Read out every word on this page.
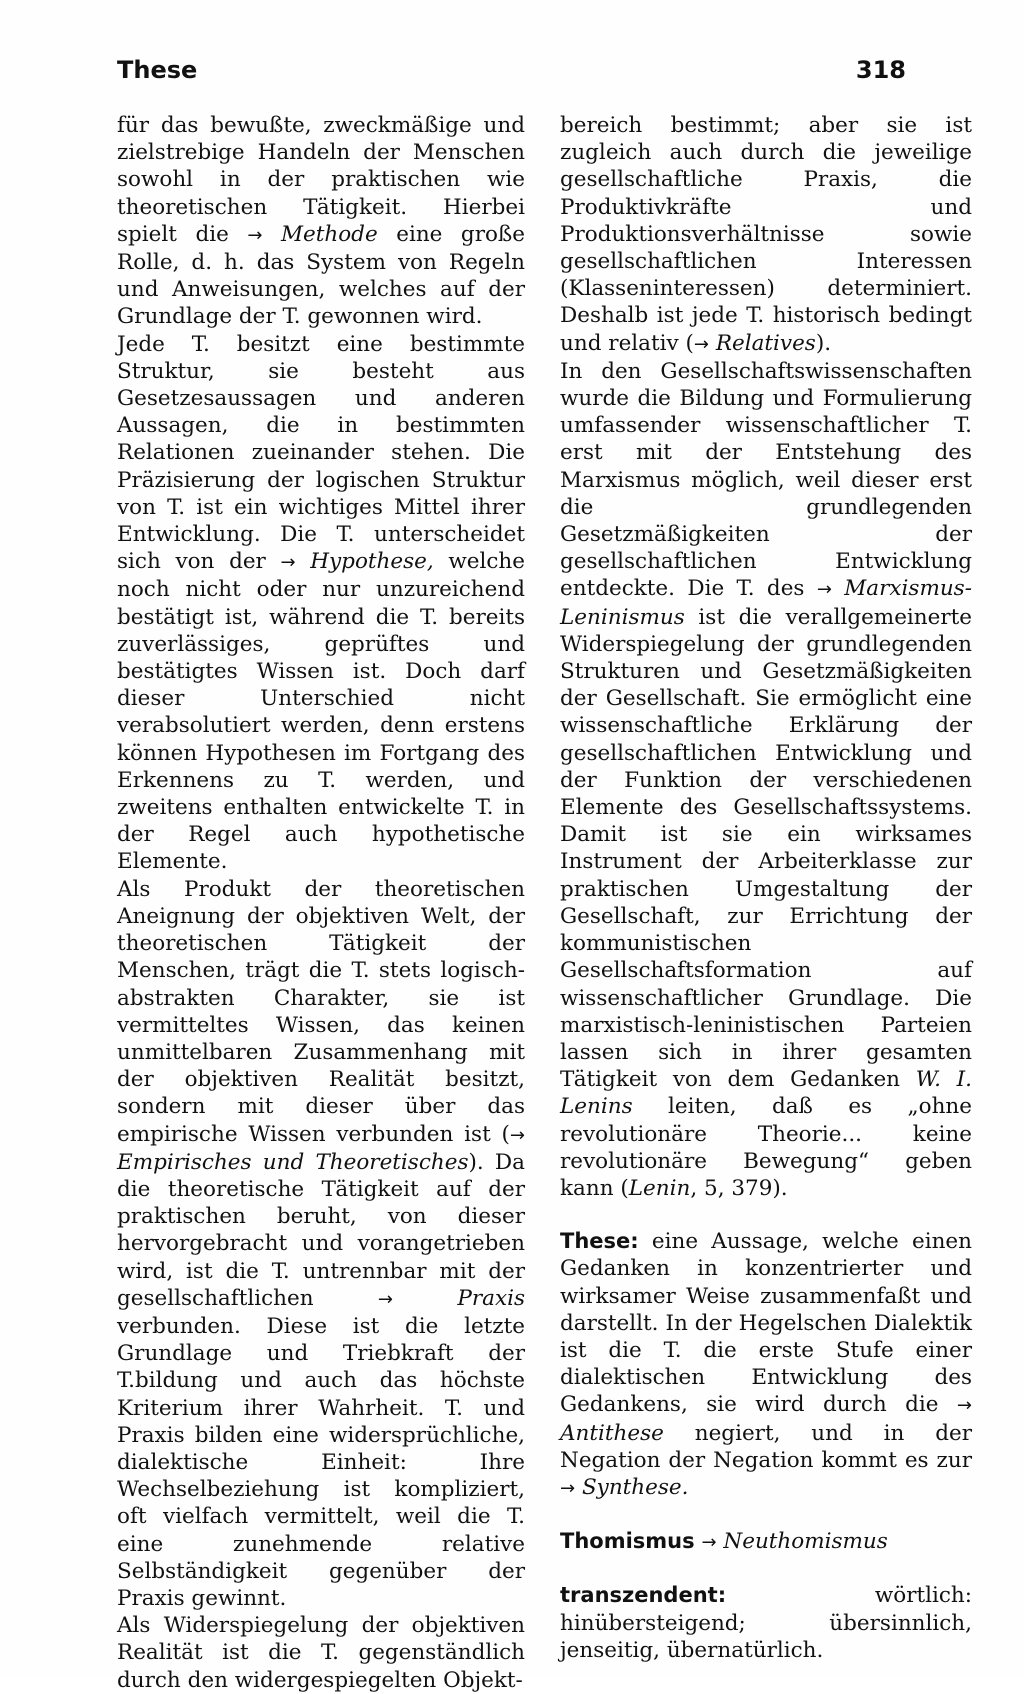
These	318

für das bewußte, zweckmäßige und zielstrebige Handeln der Menschen sowohl in der praktischen wie theoretischen Tätigkeit. Hierbei spielt die → Methode eine große Rolle, d. h. das System von Regeln und Anweisungen, welches auf der Grundlage der T. gewonnen wird.

Jede T. besitzt eine bestimmte Struktur, sie besteht aus Gesetzesaussagen und anderen Aussagen, die in bestimmten Relationen zueinander stehen. Die Präzisierung der logischen Struktur von T. ist ein wichtiges Mittel ihrer Entwicklung. Die T. unterscheidet sich von der → Hypothese, welche noch nicht oder nur unzureichend bestätigt ist, während die T. bereits zuverlässiges, geprüftes und bestätigtes Wissen ist. Doch darf dieser Unterschied nicht verabsolutiert werden, denn erstens können Hypothesen im Fortgang des Erkennens zu T. werden, und zweitens enthalten entwickelte T. in der Regel auch hypothetische Elemente.

Als Produkt der theoretischen Aneignung der objektiven Welt, der theoretischen Tätigkeit der Menschen, trägt die T. stets logisch-abstrakten Charakter, sie ist vermitteltes Wissen, das keinen unmittelbaren Zusammenhang mit der objektiven Realität besitzt, sondern mit dieser über das empirische Wissen verbunden ist (→ Empirisches und Theoretisches). Da die theoretische Tätigkeit auf der praktischen beruht, von dieser hervorgebracht und vorangetrieben wird, ist die T. untrennbar mit der gesellschaftlichen	→	Praxis verbunden. Diese ist die letzte Grundlage und Triebkraft der T.bildung und auch das höchste Kriterium ihrer Wahrheit. T. und Praxis bilden eine widersprüchliche, dialektische Einheit: Ihre Wechselbeziehung ist kompliziert, oft vielfach vermittelt, weil die T. eine zunehmende relative Selbständigkeit gegenüber der Praxis gewinnt.

Als Widerspiegelung der objektiven Realität ist die T. gegenständlich durch den widergespiegelten Objekt-

bereich bestimmt; aber sie ist zugleich auch durch die jeweilige gesellschaftliche Praxis, die Produktivkräfte und Produktionsverhältnisse sowie gesellschaftlichen Interessen (Klasseninteressen) determiniert. Deshalb ist jede T. historisch bedingt und relativ (→ Relatives).

In den Gesellschaftswissenschaften wurde die Bildung und Formulierung umfassender wissenschaftlicher T. erst mit der Entstehung des Marxismus möglich, weil dieser erst die grundlegenden Gesetzmäßigkeiten der gesellschaftlichen Entwicklung entdeckte. Die T. des → Marxismus-Leninismus ist die verallgemeinerte Widerspiegelung der grundlegenden Strukturen und Gesetzmäßigkeiten der Gesellschaft. Sie ermöglicht eine wissenschaftliche Erklärung der gesellschaftlichen Entwicklung und der Funktion der verschiedenen Elemente des Gesellschaftssystems. Damit ist sie ein wirksames Instrument der Arbeiterklasse zur praktischen Umgestaltung der Gesellschaft, zur Errichtung der kommunistischen Gesellschaftsformation auf wissenschaftlicher Grundlage. Die marxistisch-leninistischen Parteien lassen sich in ihrer gesamten Tätigkeit von dem Gedanken W. I. Lenins leiten, daß es „ohne revolutionäre Theorie... keine revolutionäre Bewegung“ geben kann (Lenin, 5, 379).

These: eine Aussage, welche einen Gedanken in konzentrierter und wirksamer Weise zusammenfaßt und darstellt. In der Hegelschen Dialektik ist die T. die erste Stufe einer dialektischen Entwicklung des Gedankens, sie wird durch die → Antithese negiert, und in der Negation der Negation kommt es zur → Synthese.

Thomismus → Neuthomismus

transzendent:	wörtlich: hinübersteigend; übersinnlich, jenseitig, übernatürlich.
